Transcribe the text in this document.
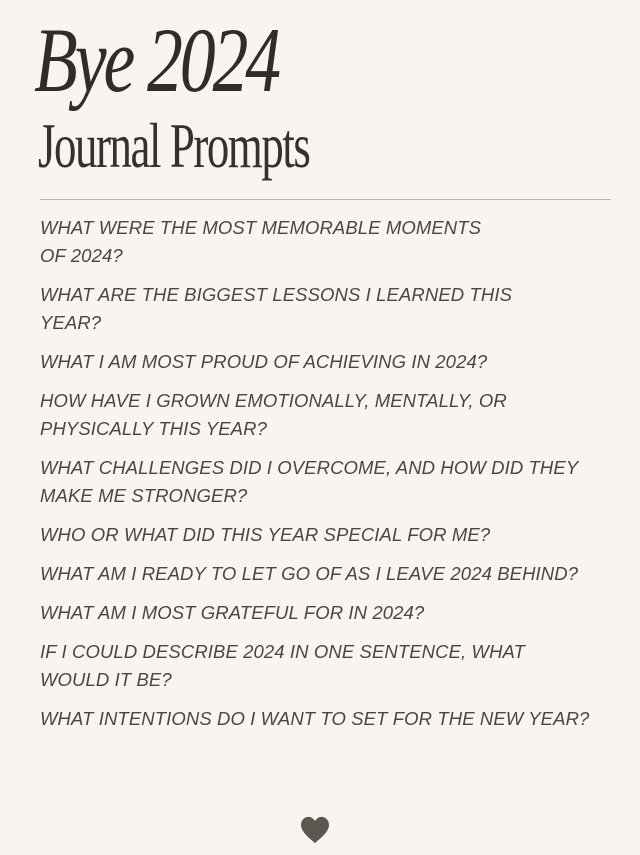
Bye 2024
Journal Prompts
WHAT WERE THE MOST MEMORABLE MOMENTS
OF 2024?
WHAT ARE THE BIGGEST LESSONS I LEARNED THIS
YEAR?
WHAT I AM MOST PROUD OF ACHIEVING IN 2024?
HOW HAVE I GROWN EMOTIONALLY, MENTALLY, OR
PHYSICALLY THIS YEAR?
WHAT CHALLENGES DID I OVERCOME, AND HOW DID THEY
MAKE ME STRONGER?
WHO OR WHAT DID THIS YEAR SPECIAL FOR ME?
WHAT AM I READY TO LET GO OF AS I LEAVE 2024 BEHIND?
WHAT AM I MOST GRATEFUL FOR IN 2024?
IF I COULD DESCRIBE 2024 IN ONE SENTENCE, WHAT
WOULD IT BE?
WHAT INTENTIONS DO I WANT TO SET FOR THE NEW YEAR?
